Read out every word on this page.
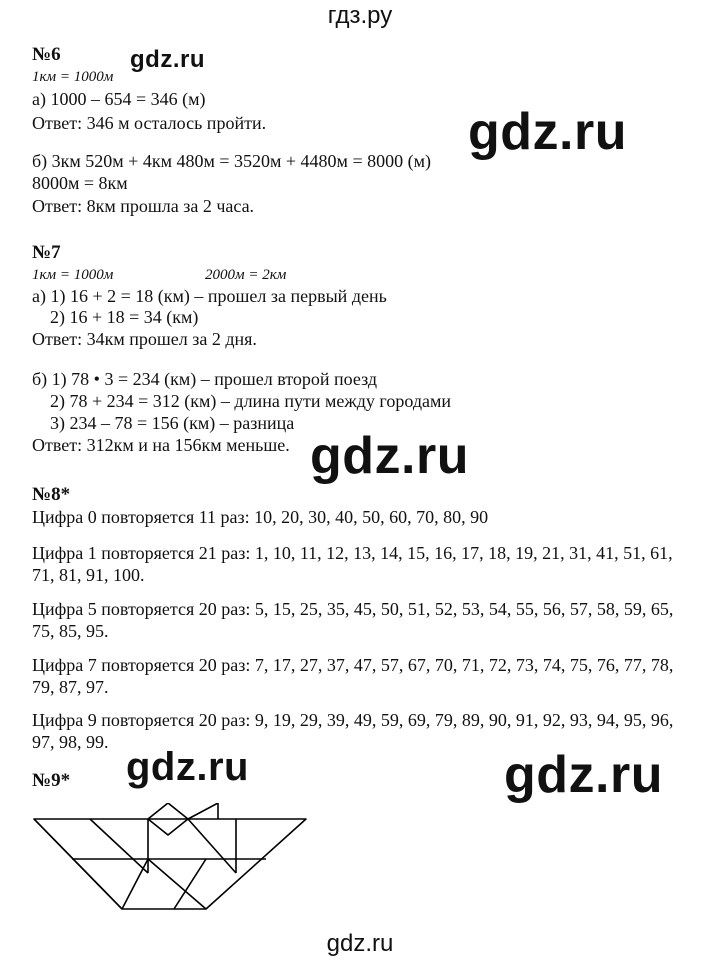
гдз.ру
№6
1км = 1000м
а) 1000 – 654 = 346 (м)
Ответ: 346 м осталось пройти.
б) 3км 520м + 4км 480м = 3520м + 4480м = 8000 (м)
8000м = 8км
Ответ: 8км прошла за 2 часа.
№7
1км = 1000м	2000м = 2км
а) 1) 16 + 2 = 18 (км) – прошел за первый день
2) 16 + 18 = 34 (км)
Ответ: 34км прошел за 2 дня.
б) 1) 78 • 3 = 234 (км) – прошел второй поезд
2) 78 + 234 = 312 (км) – длина пути между городами
3) 234 – 78 = 156 (км) – разница
Ответ: 312км и на 156км меньше.
№8*
Цифра 0 повторяется 11 раз: 10, 20, 30, 40, 50, 60, 70, 80, 90
Цифра 1 повторяется 21 раз: 1, 10, 11, 12, 13, 14, 15, 16, 17, 18, 19, 21, 31, 41, 51, 61, 71, 81, 91, 100.
Цифра 5 повторяется 20 раз: 5, 15, 25, 35, 45, 50, 51, 52, 53, 54, 55, 56, 57, 58, 59, 65, 75, 85, 95.
Цифра 7 повторяется 20 раз: 7, 17, 27, 37, 47, 57, 67, 70, 71, 72, 73, 74, 75, 76, 77, 78, 79, 87, 97.
Цифра 9 повторяется 20 раз: 9, 19, 29, 39, 49, 59, 69, 79, 89, 90, 91, 92, 93, 94, 95, 96, 97, 98, 99.
№9*
gdz.ru
gdz.ru
gdz.ru
gdz.ru	gdz.ru
gdz.ru
